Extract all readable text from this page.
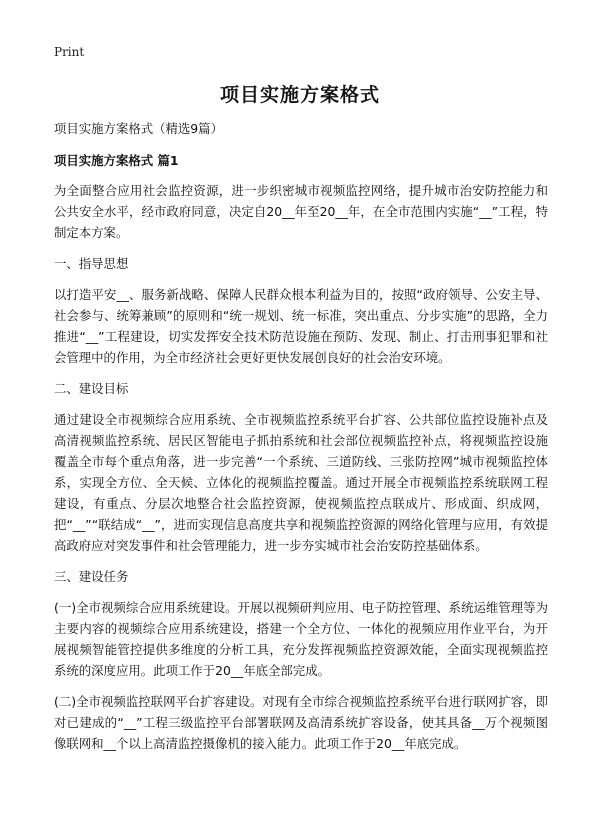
Print
项目实施方案格式

项目实施方案格式（精选9篇）

项目实施方案格式 篇1

为全面整合应用社会监控资源，进一步织密城市视频监控网络，提升城市治安防控能力和公共安全水平，经市政府同意，决定自20__年至20__年，在全市范围内实施“__”工程，特制定本方案。

一、指导思想

以打造平安__、服务新战略、保障人民群众根本利益为目的，按照“政府领导、公安主导、社会参与、统筹兼顾”的原则和“统一规划、统一标准，突出重点、分步实施”的思路，全力推进“__”工程建设，切实发挥安全技术防范设施在预防、发现、制止、打击刑事犯罪和社会管理中的作用，为全市经济社会更好更快发展创良好的社会治安环境。

二、建设目标

通过建设全市视频综合应用系统、全市视频监控系统平台扩容、公共部位监控设施补点及高清视频监控系统、居民区智能电子抓拍系统和社会部位视频监控补点，将视频监控设施覆盖全市每个重点角落，进一步完善“一个系统、三道防线、三张防控网”城市视频监控体系，实现全方位、全天候、立体化的视频监控覆盖。通过开展全市视频监控系统联网工程建设，有重点、分层次地整合社会监控资源，使视频监控点联成片、形成面、织成网，把“__”“联结成“__”，进而实现信息高度共享和视频监控资源的网络化管理与应用，有效提高政府应对突发事件和社会管理能力，进一步夯实城市社会治安防控基础体系。

三、建设任务

(一)全市视频综合应用系统建设。开展以视频研判应用、电子防控管理、系统运维管理等为主要内容的视频综合应用系统建设，搭建一个全方位、一体化的视频应用作业平台，为开展视频智能管控提供多维度的分析工具，充分发挥视频监控资源效能，全面实现视频监控系统的深度应用。此项工作于20__年底全部完成。

(二)全市视频监控联网平台扩容建设。对现有全市综合视频监控系统平台进行联网扩容，即对已建成的“__”工程三级监控平台部署联网及高清系统扩容设备，使其具备__万个视频图像联网和__个以上高清监控摄像机的接入能力。此项工作于20__年底完成。
